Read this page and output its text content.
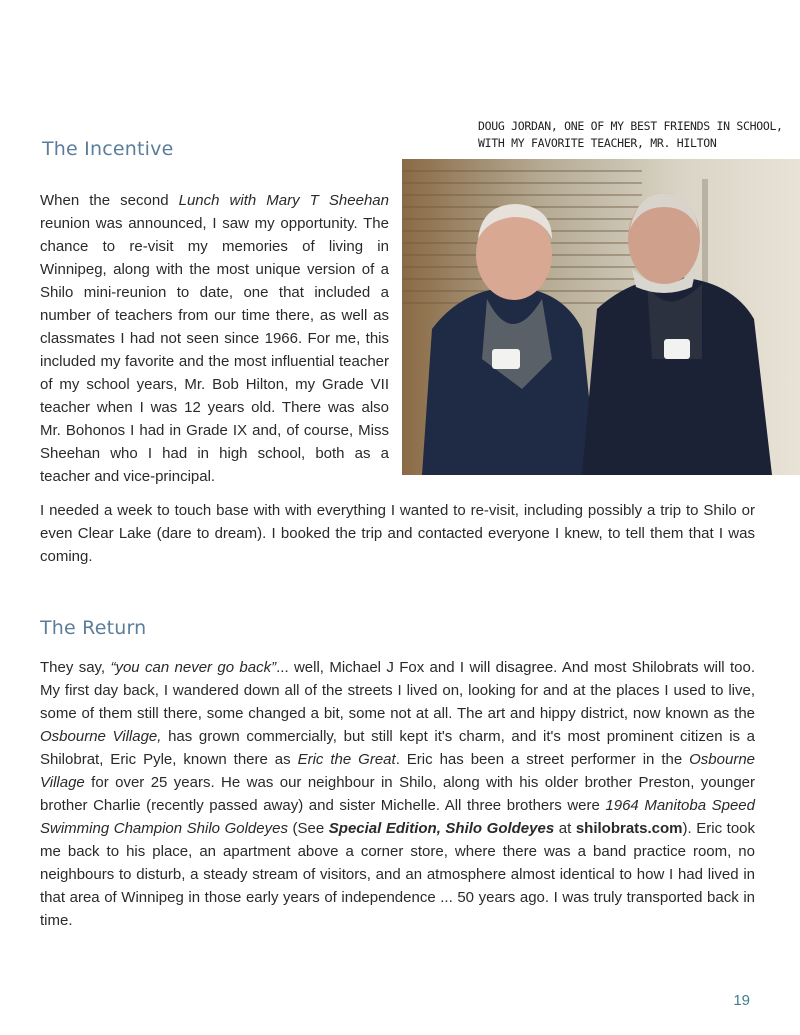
The Incentive

When the second Lunch with Mary T Sheehan reunion was announced, I saw my opportunity. The chance to re-visit my memories of living in Winnipeg, along with the most unique version of a Shilo mini-reunion to date, one that included a number of teachers from our time there, as well as classmates I had not seen since 1966. For me, this included my favorite and the most influential teacher of my school years, Mr. Bob Hilton, my Grade VII teacher when I was 12 years old. There was also Mr. Bohonos I had in Grade IX and, of course, Miss Sheehan who I had in high school, both as a teacher and vice-principal.

DOUG JORDAN, ONE OF MY BEST FRIENDS IN SCHOOL, WITH MY FAVORITE TEACHER, MR. HILTON

I needed a week to touch base with with everything I wanted to re-visit, including possibly a trip to Shilo or even Clear Lake (dare to dream). I booked the trip and contacted everyone I knew, to tell them that I was coming.

The Return

They say, “you can never go back”... well, Michael J Fox and I will disagree. And most Shilobrats will too. My first day back, I wandered down all of the streets I lived on, looking for and at the places I used to live, some of them still there, some changed a bit, some not at all. The art and hippy district, now known as the Osbourne Village, has grown commercially, but still kept it's charm, and it's most prominent citizen is a Shilobrat, Eric Pyle, known there as Eric the Great. Eric has been a street performer in the Osbourne Village for over 25 years. He was our neighbour in Shilo, along with his older brother Preston, younger brother Charlie (recently passed away) and sister Michelle. All three brothers were 1964 Manitoba Speed Swimming Champion Shilo Goldeyes (See Special Edition, Shilo Goldeyes at shilobrats.com). Eric took me back to his place, an apartment above a corner store, where there was a band practice room, no neighbours to disturb, a steady stream of visitors, and an atmosphere almost identical to how I had lived in that area of Winnipeg in those early years of independence ... 50 years ago. I was truly transported back in time.

19
